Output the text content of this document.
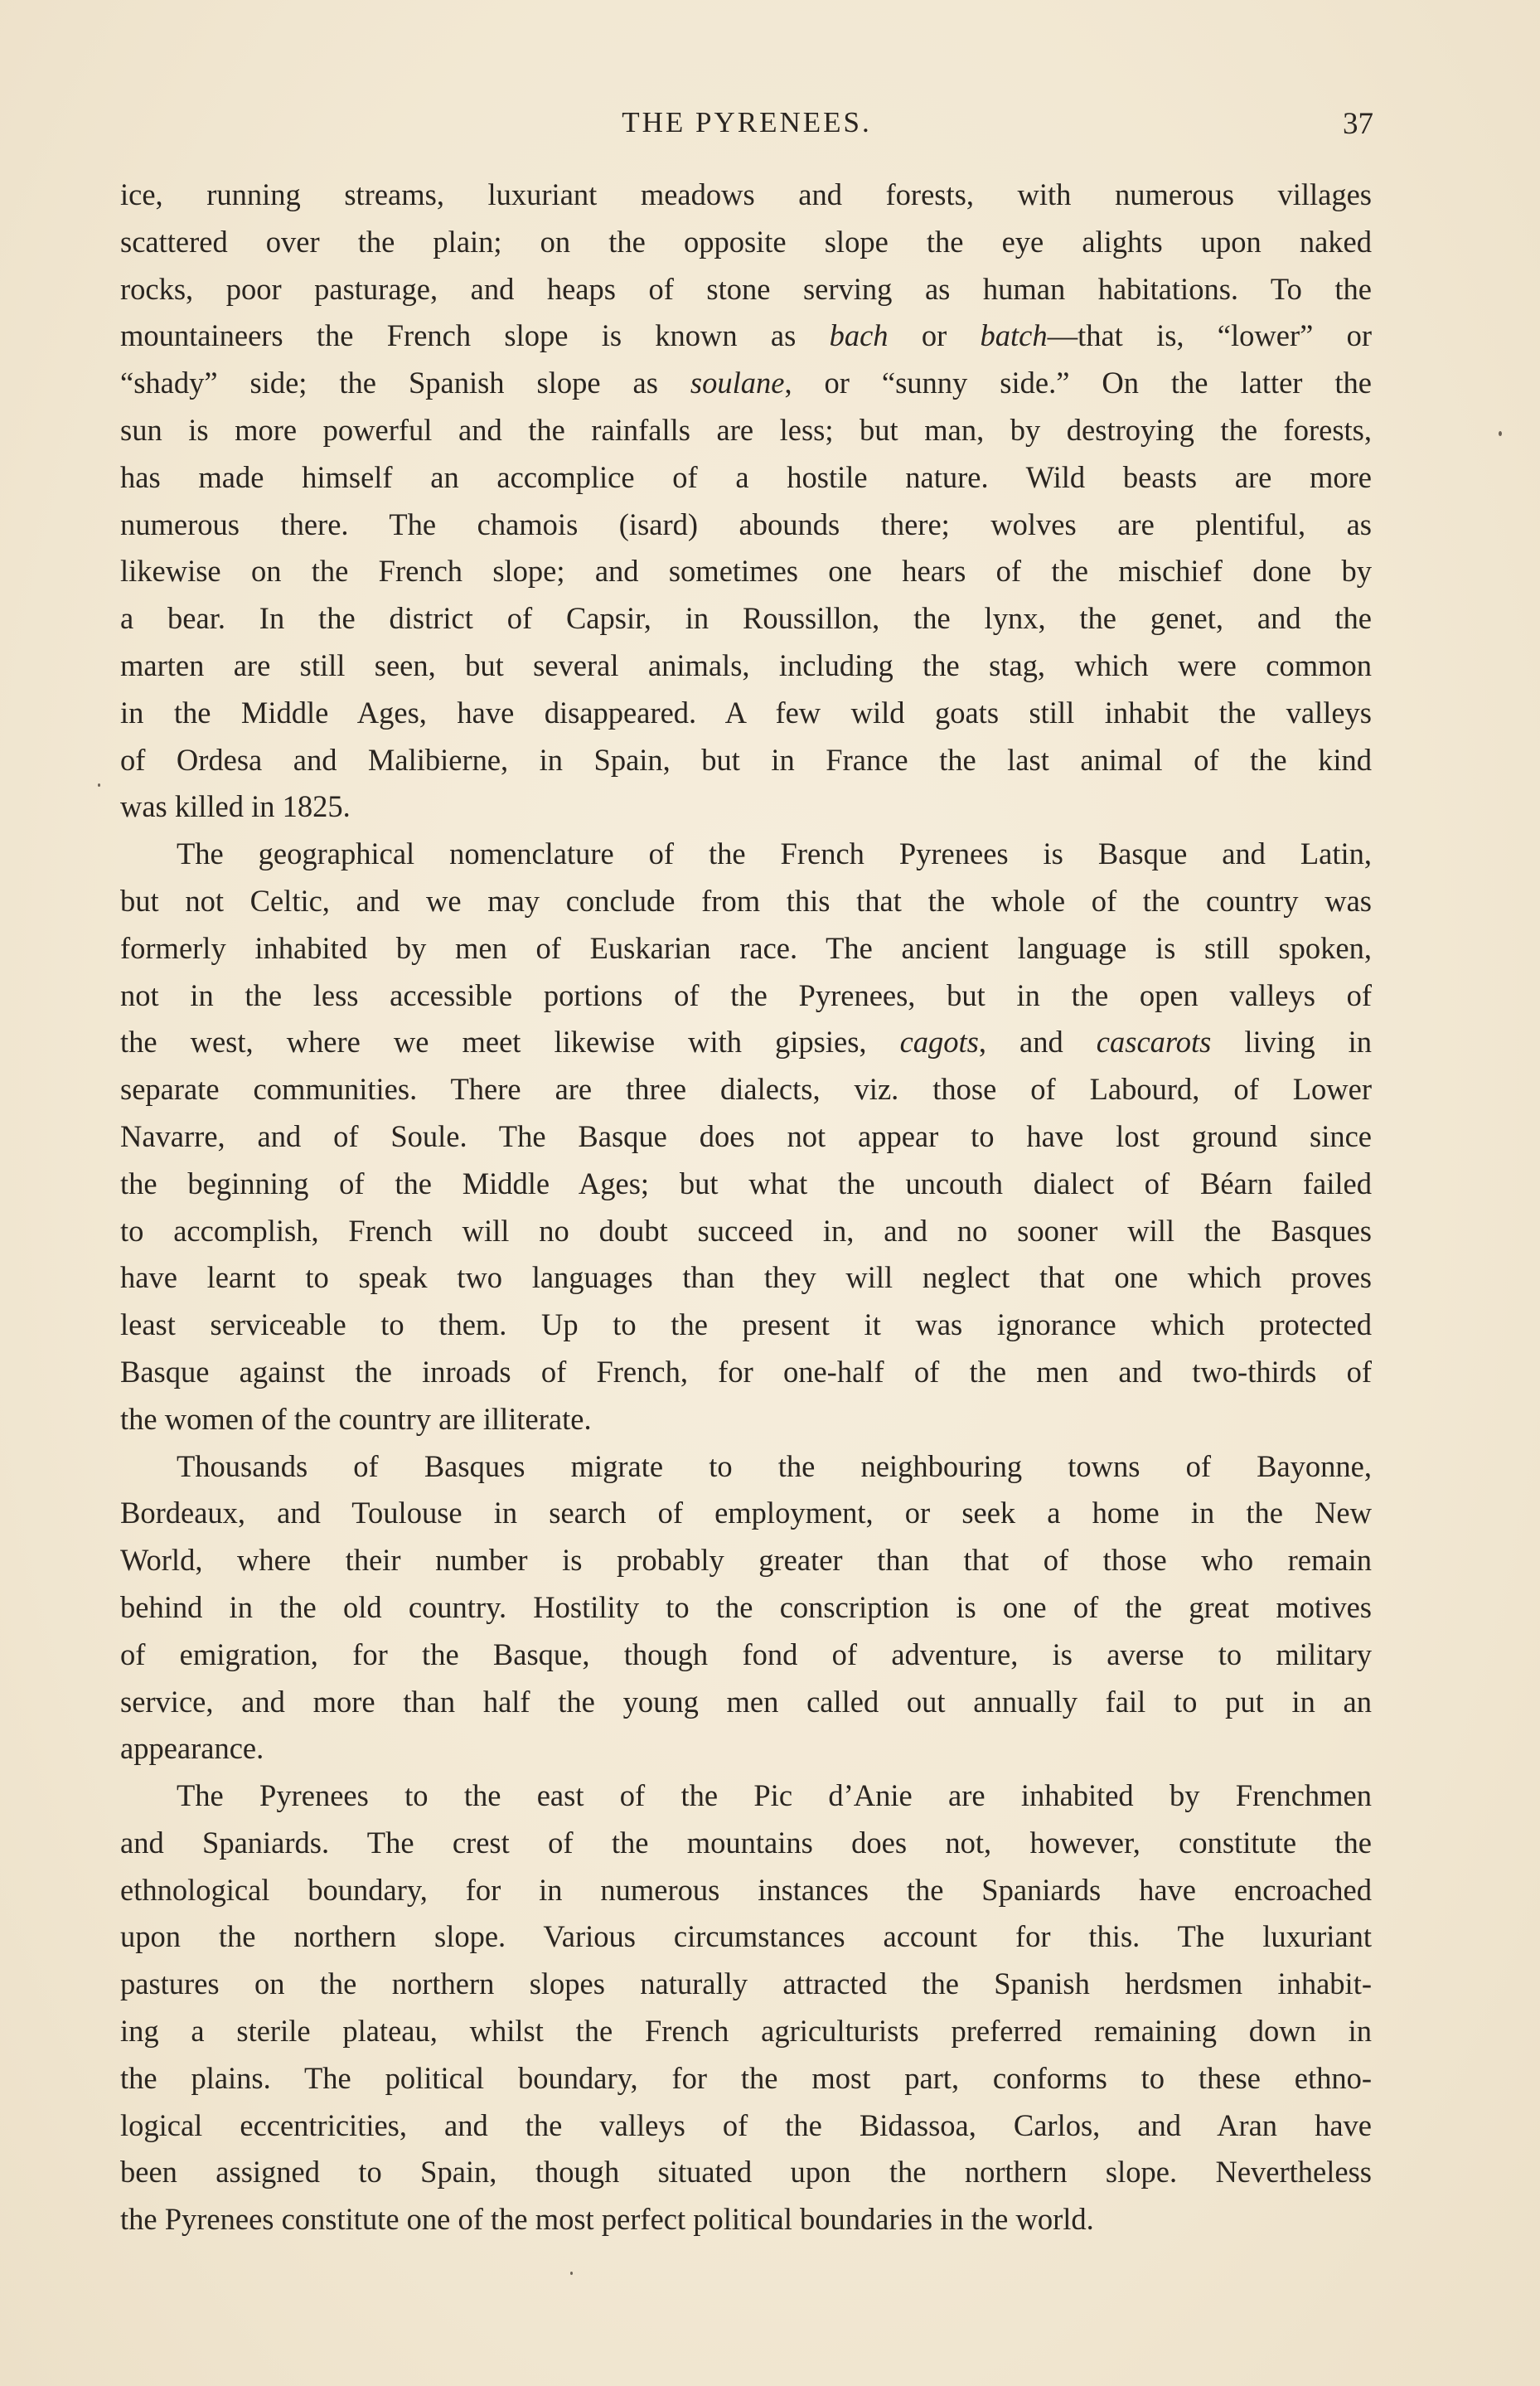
THE PYRENEES.	37
ice, running streams, luxuriant meadows and forests, with numerous villages
scattered over the plain; on the opposite slope the eye alights upon naked
rocks, poor pasturage, and heaps of stone serving as human habitations. To the
mountaineers the French slope is known as bach or batch—that is, “lower” or
“shady” side; the Spanish slope as soulane, or “sunny side.” On the latter the
sun is more powerful and the rainfalls are less; but man, by destroying the forests,
has made himself an accomplice of a hostile nature. Wild beasts are more
numerous there. The chamois (isard) abounds there; wolves are plentiful, as
likewise on the French slope; and sometimes one hears of the mischief done by
a bear. In the district of Capsir, in Roussillon, the lynx, the genet, and the
marten are still seen, but several animals, including the stag, which were common
in the Middle Ages, have disappeared. A few wild goats still inhabit the valleys
of Ordesa and Malibierne, in Spain, but in France the last animal of the kind
was killed in 1825.
The geographical nomenclature of the French Pyrenees is Basque and Latin,
but not Celtic, and we may conclude from this that the whole of the country was
formerly inhabited by men of Euskarian race. The ancient language is still spoken,
not in the less accessible portions of the Pyrenees, but in the open valleys of
the west, where we meet likewise with gipsies, cagots, and cascarots living in
separate communities. There are three dialects, viz. those of Labourd, of Lower
Navarre, and of Soule. The Basque does not appear to have lost ground since
the beginning of the Middle Ages; but what the uncouth dialect of Béarn failed
to accomplish, French will no doubt succeed in, and no sooner will the Basques
have learnt to speak two languages than they will neglect that one which proves
least serviceable to them. Up to the present it was ignorance which protected
Basque against the inroads of French, for one-half of the men and two-thirds of
the women of the country are illiterate.
Thousands of Basques migrate to the neighbouring towns of Bayonne,
Bordeaux, and Toulouse in search of employment, or seek a home in the New
World, where their number is probably greater than that of those who remain
behind in the old country. Hostility to the conscription is one of the great motives
of emigration, for the Basque, though fond of adventure, is averse to military
service, and more than half the young men called out annually fail to put in an
appearance.
The Pyrenees to the east of the Pic d’Anie are inhabited by Frenchmen
and Spaniards. The crest of the mountains does not, however, constitute the
ethnological boundary, for in numerous instances the Spaniards have encroached
upon the northern slope. Various circumstances account for this. The luxuriant
pastures on the northern slopes naturally attracted the Spanish herdsmen inhabit-
ing a sterile plateau, whilst the French agriculturists preferred remaining down in
the plains. The political boundary, for the most part, conforms to these ethno-
logical eccentricities, and the valleys of the Bidassoa, Carlos, and Aran have
been assigned to Spain, though situated upon the northern slope. Nevertheless
the Pyrenees constitute one of the most perfect political boundaries in the world.
